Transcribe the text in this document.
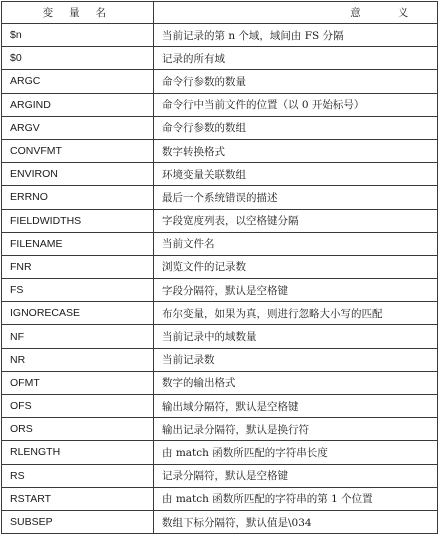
变 量 名	意 义
$n	当前记录的第 n 个域，域间由 FS 分隔
$0	记录的所有域
ARGC	命令行参数的数量
ARGIND	命令行中当前文件的位置（以 0 开始标号）
ARGV	命令行参数的数组
CONVFMT	数字转换格式
ENVIRON	环境变量关联数组
ERRNO	最后一个系统错误的描述
FIELDWIDTHS	字段宽度列表，以空格键分隔
FILENAME	当前文件名
FNR	浏览文件的记录数
FS	字段分隔符，默认是空格键
IGNORECASE	布尔变量，如果为真，则进行忽略大小写的匹配
NF	当前记录中的域数量
NR	当前记录数
OFMT	数字的输出格式
OFS	输出域分隔符，默认是空格键
ORS	输出记录分隔符，默认是换行符
RLENGTH	由 match 函数所匹配的字符串长度
RS	记录分隔符，默认是空格键
RSTART	由 match 函数所匹配的字符串的第 1 个位置
SUBSEP	数组下标分隔符，默认值是\034
